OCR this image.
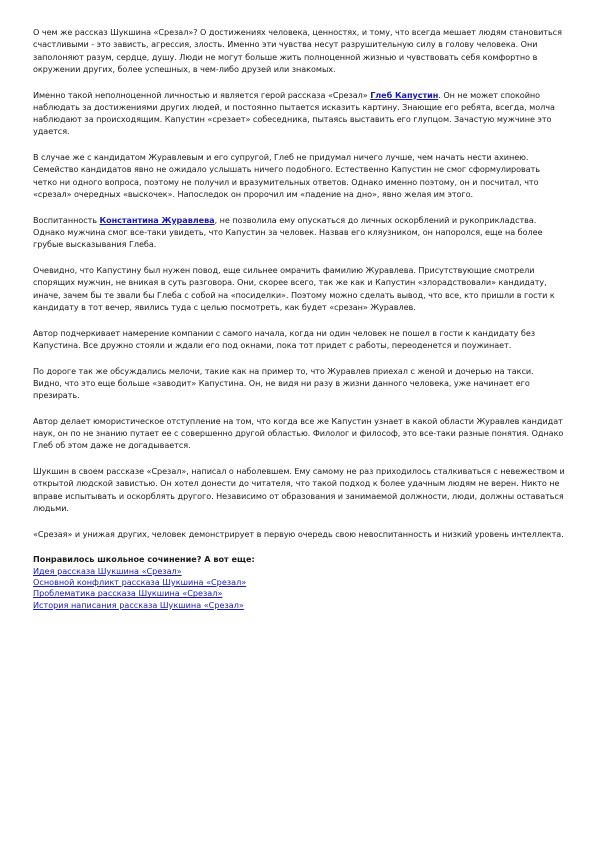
О чем же рассказ Шукшина «Срезал»? О достижениях человека, ценностях, и тому, что всегда мешает людям становиться счастливыми - это зависть, агрессия, злость. Именно эти чувства несут разрушительную силу в голову человека. Они заполоняют разум, сердце, душу. Люди не могут больше жить полноценной жизнью и чувствовать себя комфортно в окружении других, более успешных, в чем-либо друзей или знакомых.

Именно такой неполноценной личностью и является герой рассказа «Срезал» Глеб Капустин. Он не может спокойно наблюдать за достижениями других людей, и постоянно пытается исказить картину. Знающие его ребята, всегда, молча наблюдают за происходящим. Капустин «срезает» собеседника, пытаясь выставить его глупцом. Зачастую мужчине это удается.

В случае же с кандидатом Журавлевым и его супругой, Глеб не придумал ничего лучше, чем начать нести ахинею. Семейство кандидатов явно не ожидало услышать ничего подобного. Естественно Капустин не смог сформулировать четко ни одного вопроса, поэтому не получил и вразумительных ответов. Однако именно поэтому, он и посчитал, что «срезал» очередных «выскочек». Напоследок он пророчил им «падение на дно», явно желая им этого.

Воспитанность Константина Журавлева, не позволила ему опускаться до личных оскорблений и рукоприкладства. Однако мужчина смог все-таки увидеть, что Капустин за человек. Назвав его кляузником, он напоролся, еще на более грубые высказывания Глеба.

Очевидно, что Капустину был нужен повод, еще сильнее омрачить фамилию Журавлева. Присутствующие смотрели спорящих мужчин, не вникая в суть разговора. Они, скорее всего, так же как и Капустин «злорадствовали» кандидату, иначе, зачем бы те звали бы Глеба с собой на «посиделки». Поэтому можно сделать вывод, что все, кто пришли в гости к кандидату в тот вечер, явились туда с целью посмотреть, как будет «срезан» Журавлев.

Автор подчеркивает намерение компании с самого начала, когда ни один человек не пошел в гости к кандидату без Капустина. Все дружно стояли и ждали его под окнами, пока тот придет с работы, переоденется и поужинает.

По дороге так же обсуждались мелочи, такие как на пример то, что Журавлев приехал с женой и дочерью на такси. Видно, что это еще больше «заводит» Капустина. Он, не видя ни разу в жизни данного человека, уже начинает его презирать.

Автор делает юмористическое отступление на том, что когда все же Капустин узнает в какой области Журавлев кандидат наук, он по не знанию путает ее с совершенно другой областью. Филолог и философ, это все-таки разные понятия. Однако Глеб об этом даже не догадывается.

Шукшин в своем рассказе «Срезал», написал о наболевшем. Ему самому не раз приходилось сталкиваться с невежеством и открытой людской завистью. Он хотел донести до читателя, что такой подход к более удачным людям не верен. Никто не вправе испытывать и оскорблять другого. Независимо от образования и занимаемой должности, люди, должны оставаться людьми.

«Срезая» и унижая других, человек демонстрирует в первую очередь свою невоспитанность и низкий уровень интеллекта.

Понравилось школьное сочинение? А вот еще:
Идея рассказа Шукшина «Срезал»
Основной конфликт рассказа Шукшина «Срезал»
Проблематика рассказа Шукшина «Срезал»
История написания рассказа Шукшина «Срезал»
